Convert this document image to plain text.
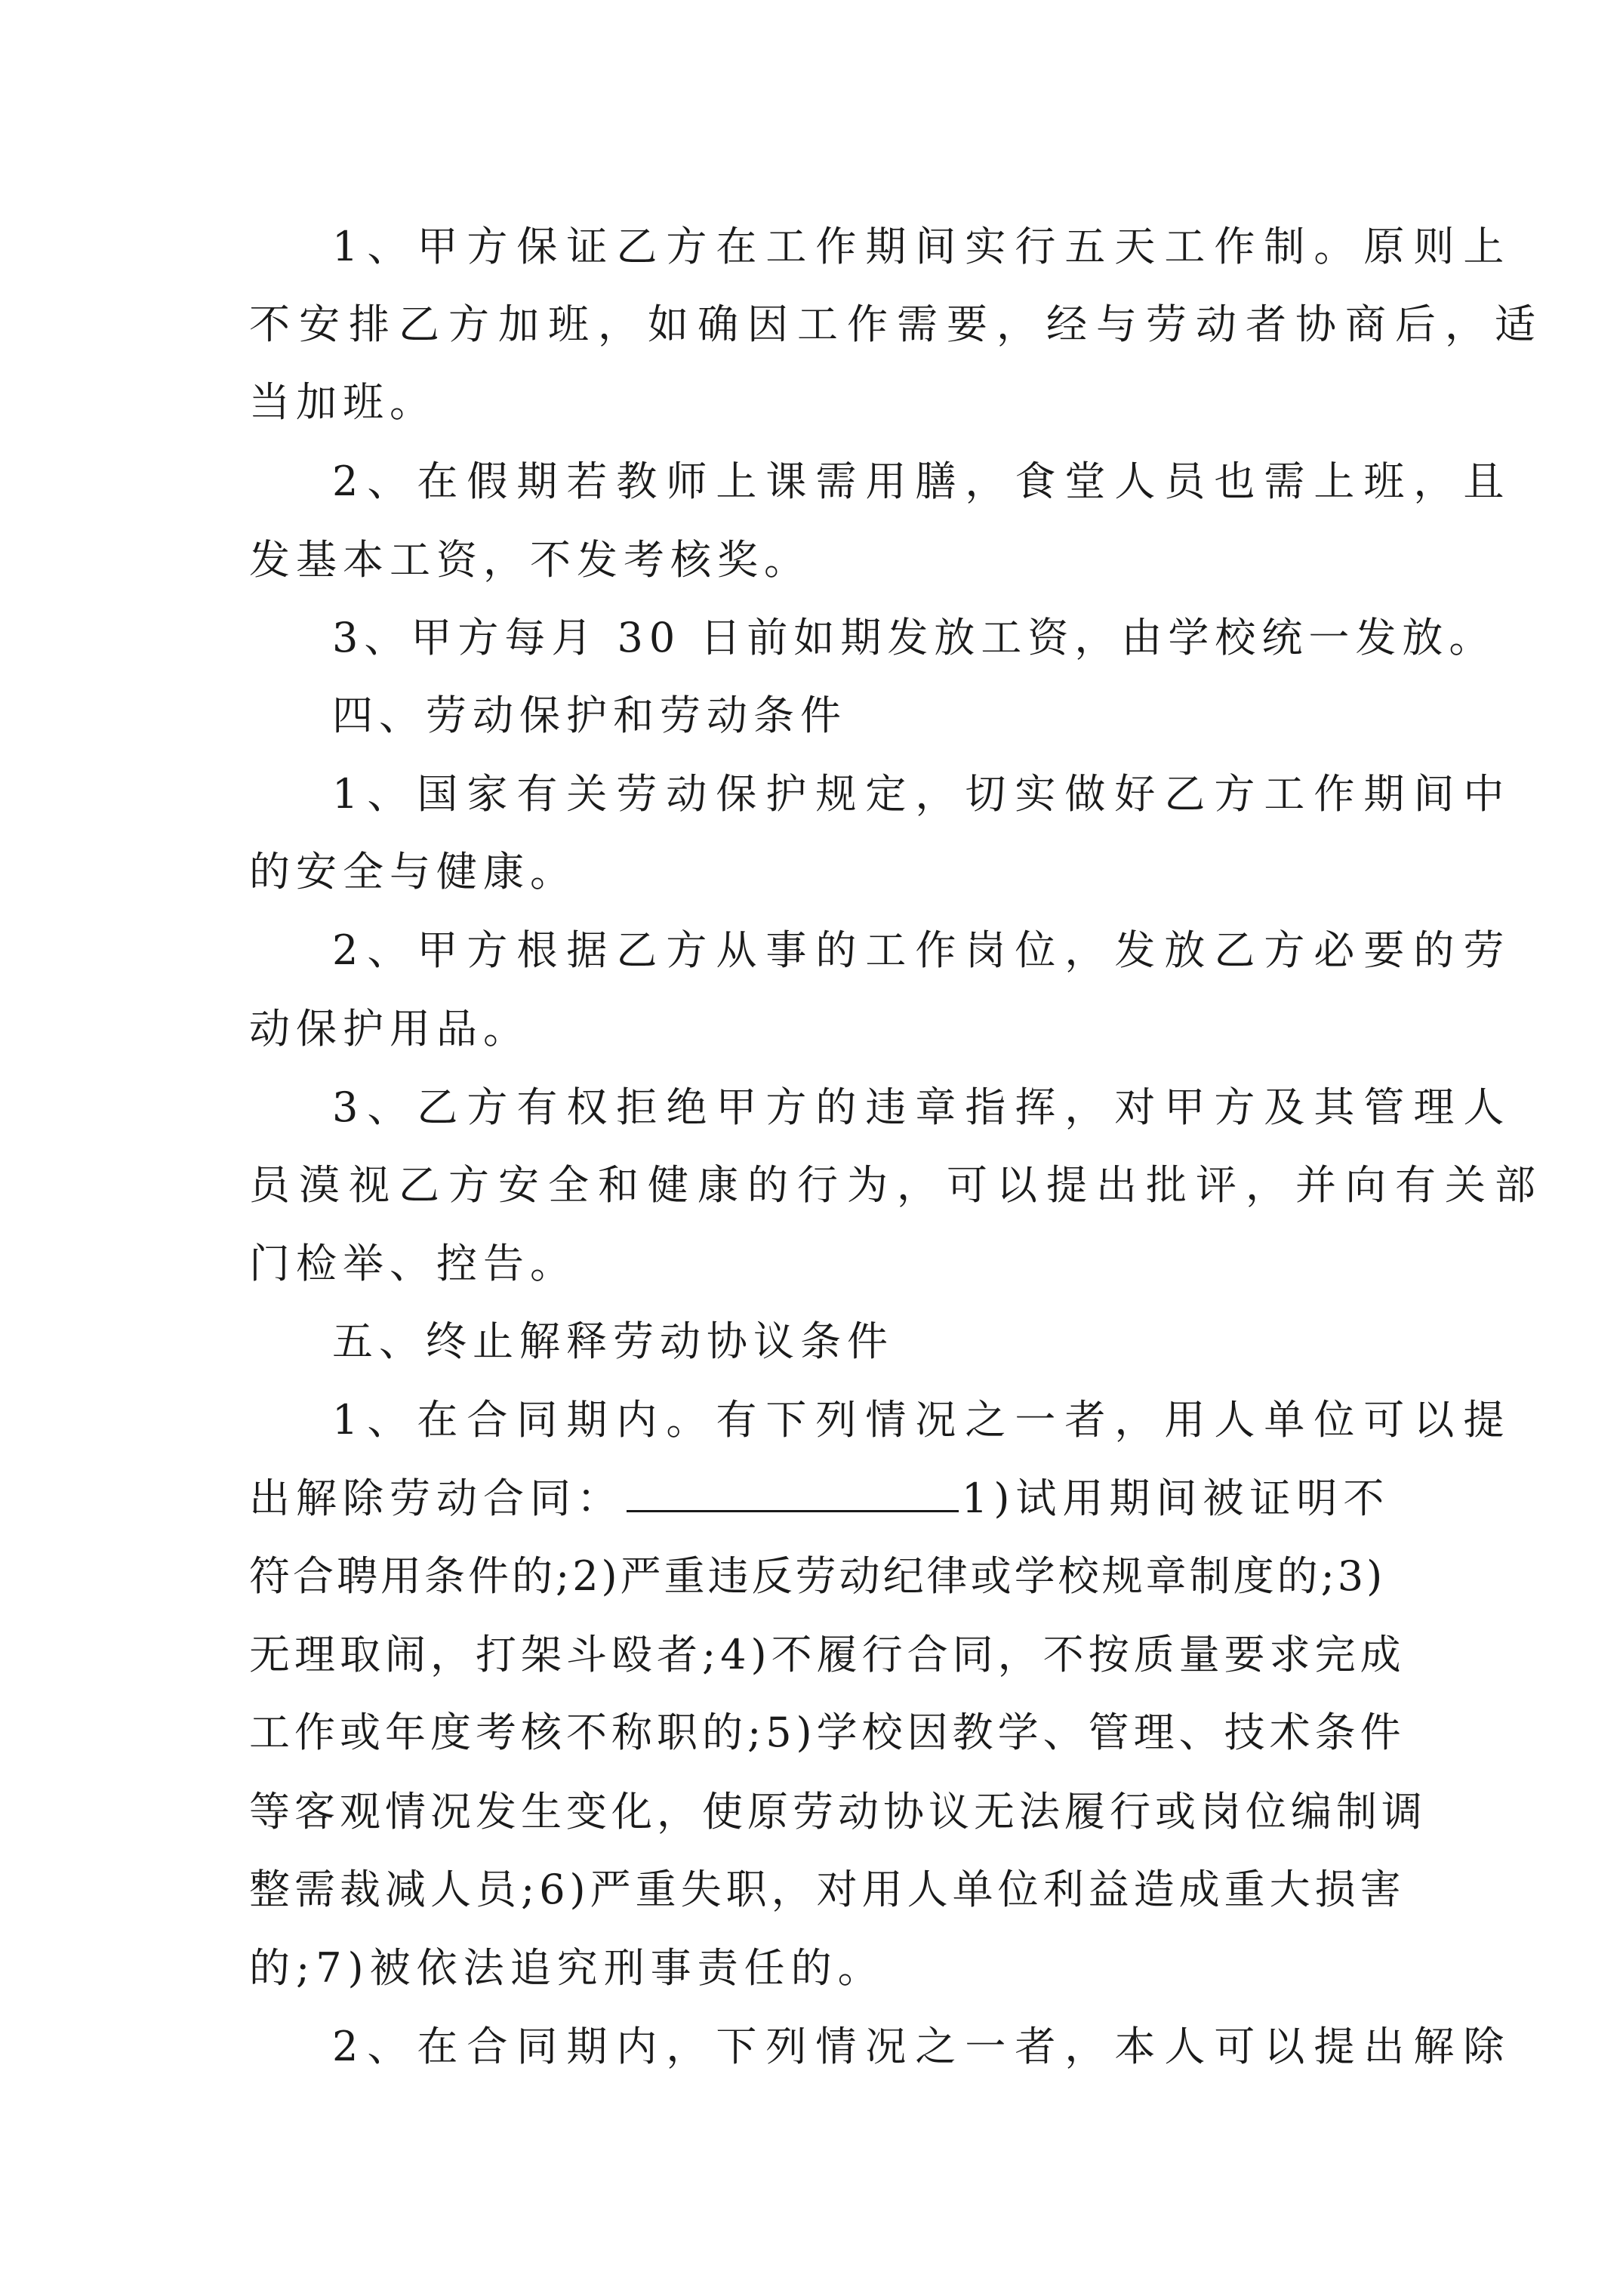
1、甲方保证乙方在工作期间实行五天工作制。原则上
不安排乙方加班，如确因工作需要，经与劳动者协商后，适
当加班。
2、在假期若教师上课需用膳，食堂人员也需上班，且
发基本工资，不发考核奖。
3、甲方每月 30 日前如期发放工资，由学校统一发放。
四、劳动保护和劳动条件
1、国家有关劳动保护规定，切实做好乙方工作期间中
的安全与健康。
2、甲方根据乙方从事的工作岗位，发放乙方必要的劳
动保护用品。
3、乙方有权拒绝甲方的违章指挥，对甲方及其管理人
员漠视乙方安全和健康的行为，可以提出批评，并向有关部
门检举、控告。
五、终止解释劳动协议条件
1、在合同期内。有下列情况之一者，用人单位可以提
出解除劳动合同：	1)试用期间被证明不
符合聘用条件的;2)严重违反劳动纪律或学校规章制度的;3)
无理取闹，打架斗殴者;4)不履行合同，不按质量要求完成
工作或年度考核不称职的;5)学校因教学、管理、技术条件
等客观情况发生变化，使原劳动协议无法履行或岗位编制调
整需裁减人员;6)严重失职，对用人单位利益造成重大损害
的;7)被依法追究刑事责任的。
2、在合同期内，下列情况之一者，本人可以提出解除
